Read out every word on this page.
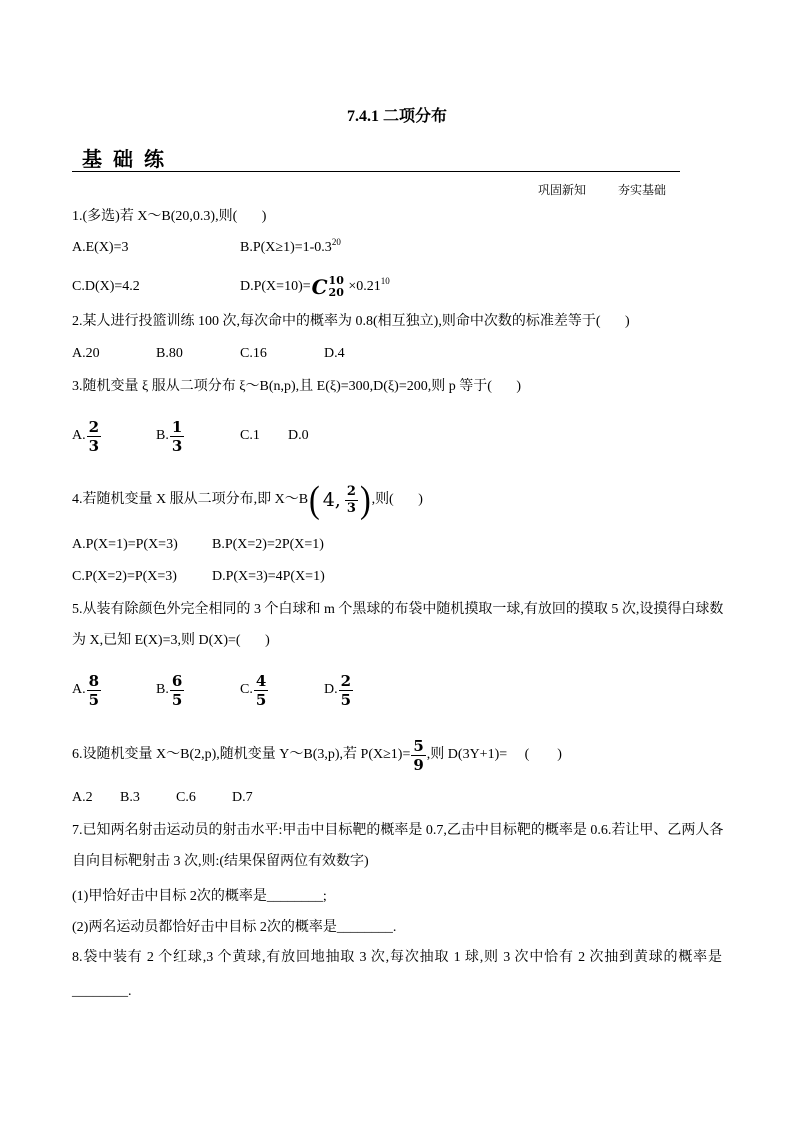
7.4.1 二项分布
基 础 练
巩固新知	夯实基础
1.(多选)若 X～B(20,0.3),则(       )
A.E(X)=3	$B.P(X\ge 1)=1-0.3^{20}$
C.D(X)=4.2	D.P(X=10)= C 10
$20 \times 0.21^{10}$
2.某人进行投篮训练 100 次,每次命中的概率为 0.8(相互独立),则命中次数的标准差等于(       )
A.20	B.80	C.16	D.4
3.随机变量 ξ 服从二项分布 ξ～B(n,p),且 E(ξ)=300,D(ξ)=200,则 p 等于(       )
A. $\frac{2}{3}$	B. $\frac{1}{3}$	C.1 D.0
4.若随机变量 X 服从二项分布,即 X～B ( 4, $\frac{2}{3}$ ) ,则(       )
A.P(X=1)=P(X=3) B.P(X=2)=2P(X=1)
C.P(X=2)=P(X=3)	D.P(X=3)=4P(X=1)
5.从装有除颜色外完全相同的 3 个白球和 m 个黑球的布袋中随机摸取一球,有放回的摸取 5 次,设摸得白球数
为 X,已知 E(X)=3,则 D(X)=(       )
A. $\frac{8}{5}$	B. $\frac{6}{5}$	C. $\frac{4}{5}$	D. $\frac{2}{5}$
6.设随机变量 X～B(2,p),随机变量 Y～B(3,p),若 $P(X\ge 1)= \frac{5}{9}$ ,则 D(3Y+1)=     (        )
A.2 B.3	C.6	D.7
7.已知两名射击运动员的射击水平:甲击中目标靶的概率是 0.7,乙击中目标靶的概率是 0.6.若让甲、乙两人各
自向目标靶射击 3 次,则:(结果保留两位有效数字)
(1)甲恰好击中目标 2次的概率是________;
(2)两名运动员都恰好击中目标 2次的概率是________.
8.袋中装有 2 个红球,3 个黄球,有放回地抽取 3 次,每次抽取 1 球,则 3 次中恰有 2 次抽到黄球的概率是
________.
